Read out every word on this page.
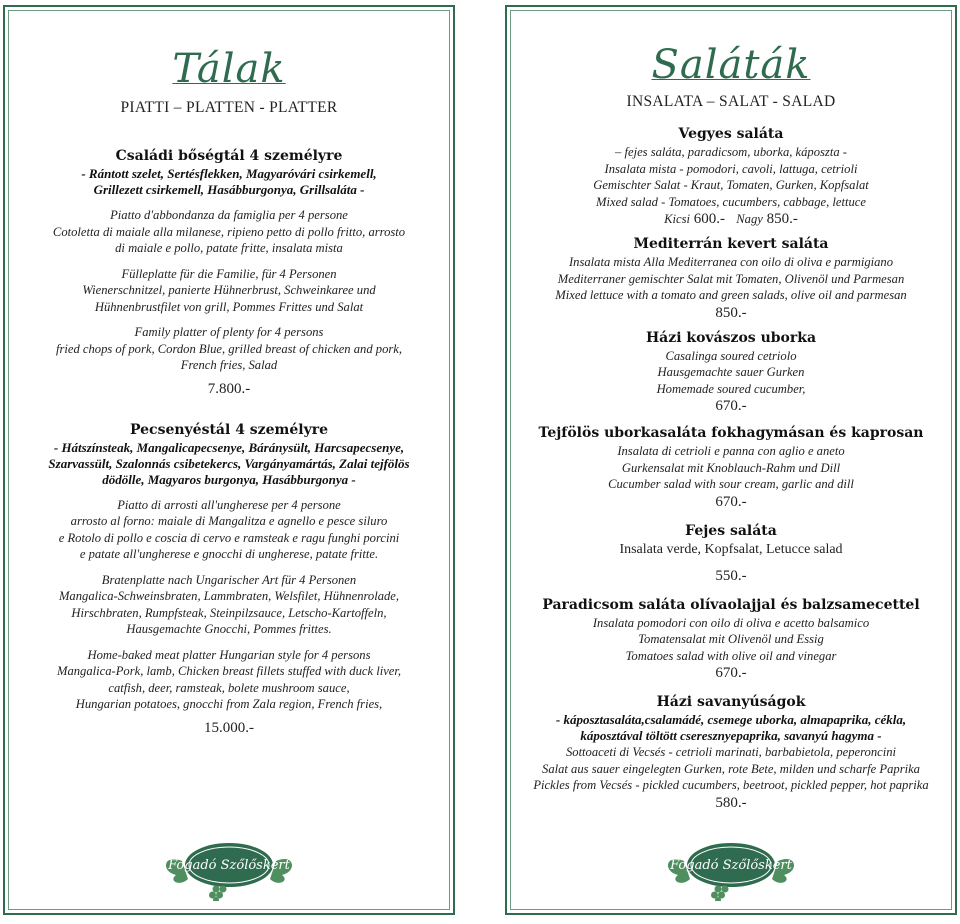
Tálak
PIATTI – PLATTEN - PLATTER
Családi bőségtál 4 személyre
- Rántott szelet, Sertésflekken, Magyaróvári csirkemell,
Grillezett csirkemell, Hasábburgonya, Grillsaláta -
Piatto d'abbondanza da famiglia per 4 persone
Cotoletta di maiale alla milanese, ripieno petto di pollo fritto, arrosto
di maiale e pollo, patate fritte, insalata mista
Fülleplatte für die Familie, für 4 Personen
Wienerschnitzel, panierte Hühnerbrust, Schweinkaree und
Hühnenbrustfilet von grill, Pommes Frittes und Salat
Family platter of plenty for 4 persons
fried chops of pork, Cordon Blue, grilled breast of chicken and pork,
French fries, Salad
7.800.-
Pecsenyéstál 4 személyre
- Hátszínsteak, Mangalicapecsenye, Báránysült, Harcsapecsenye,
Szarvassült, Szalonnás csibetekercs, Vargányamártás, Zalai tejfölös
dödölle, Magyaros burgonya, Hasábburgonya -
Piatto di arrosti all'ungherese per 4 persone
arrosto al forno: maiale di Mangalitza e agnello e pesce siluro
e Rotolo di pollo e coscia di cervo e ramsteak e ragu funghi porcini
e patate all'ungherese e gnocchi di ungherese, patate fritte.
Bratenplatte nach Ungarischer Art für 4 Personen
Mangalica-Schweinsbraten, Lammbraten, Welsfilet, Hühnenrolade,
Hirschbraten, Rumpfsteak, Steinpilzsauce, Letscho-Kartoffeln,
Hausgemachte Gnocchi, Pommes frittes.
Home-baked meat platter Hungarian style for 4 persons
Mangalica-Pork, lamb, Chicken breast fillets stuffed with duck liver,
catfish, deer, ramsteak, bolete mushroom sauce,
Hungarian potatoes, gnocchi from Zala region, French fries,
15.000.-
Fogadó Szőlőskert
Saláták
INSALATA – SALAT - SALAD
Vegyes saláta
– fejes saláta, paradicsom, uborka, káposzta -
Insalata mista - pomodori, cavoli, lattuga, cetrioli
Gemischter Salat - Kraut, Tomaten, Gurken, Kopfsalat
Mixed salad - Tomatoes, cucumbers, cabbage, lettuce
Kicsi 600.- Nagy 850.-
Mediterrán kevert saláta
Insalata mista Alla Mediterranea con oilo di oliva e parmigiano
Mediterraner gemischter Salat mit Tomaten, Olivenöl und Parmesan
Mixed lettuce with a tomato and green salads, olive oil and parmesan
850.-
Házi kovászos uborka
Casalinga soured cetriolo
Hausgemachte sauer Gurken
Homemade soured cucumber,
670.-
Tejfölös uborkasaláta fokhagymásan és kaprosan
Insalata di cetrioli e panna con aglio e aneto
Gurkensalat mit Knoblauch-Rahm und Dill
Cucumber salad with sour cream, garlic and dill
670.-
Fejes saláta
Insalata verde, Kopfsalat, Letucce salad
550.-
Paradicsom saláta olívaolajjal és balzsamecettel
Insalata pomodori con oilo di oliva e acetto balsamico
Tomatensalat mit Olivenöl und Essig
Tomatoes salad with olive oil and vinegar
670.-
Házi savanyúságok
- káposztasaláta,csalamádé, csemege uborka, almapaprika, cékla,
káposztával töltött cseresznyepaprika, savanyú hagyma -
Sottoaceti di Vecsés - cetrioli marinati, barbabietola, peperoncini
Salat aus sauer eingelegten Gurken, rote Bete, milden und scharfe Paprika
Pickles from Vecsés - pickled cucumbers, beetroot, pickled pepper, hot paprika
580.-
Fogadó Szőlőskert
